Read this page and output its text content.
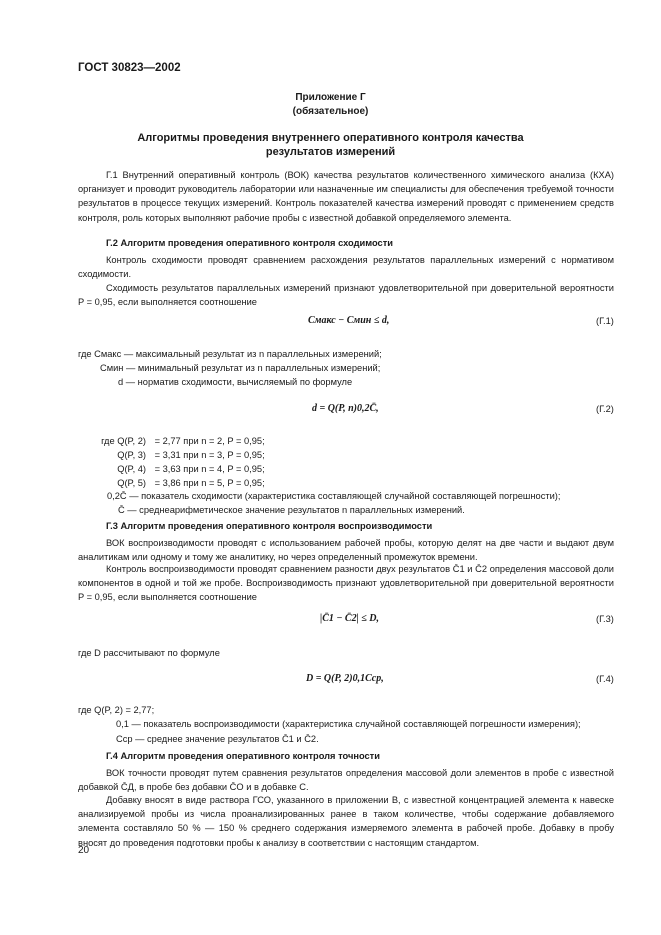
ГОСТ 30823—2002
Приложение Г
(обязательное)
Алгоритмы проведения внутреннего оперативного контроля качества
результатов измерений
Г.1 Внутренний оперативный контроль (ВОК) качества результатов количественного химического анализа (КХА) организует и проводит руководитель лаборатории или назначенные им специалисты для обеспечения требуемой точности результатов в процессе текущих измерений. Контроль показателей качества измерений проводят с применением средств контроля, роль которых выполняют рабочие пробы с известной добавкой определяемого элемента.
Г.2 Алгоритм проведения оперативного контроля сходимости
Контроль сходимости проводят сравнением расхождения результатов параллельных измерений с нормативом сходимости.
Сходимость результатов параллельных измерений признают удовлетворительной при доверительной вероятности P = 0,95, если выполняется соотношение
Cмакс − Cмин ≤ d,	(Г.1)
где Cмакс — максимальный результат из n параллельных измерений;
Cмин — минимальный результат из n параллельных измерений;
d — норматив сходимости, вычисляемый по формуле
d = Q(P, n)0,2C̄,	(Г.2)
где Q(P, 2) = 2,77 при n = 2, P = 0,95;
Q(P, 3) = 3,31 при n = 3, P = 0,95;
Q(P, 4) = 3,63 при n = 4, P = 0,95;
Q(P, 5) = 3,86 при n = 5, P = 0,95;
0,2C̄ — показатель сходимости (характеристика составляющей случайной составляющей погрешности);
C̄ — среднеарифметическое значение результатов n параллельных измерений.
Г.3 Алгоритм проведения оперативного контроля воспроизводимости
ВОК воспроизводимости проводят с использованием рабочей пробы, которую делят на две части и выдают двум аналитикам или одному и тому же аналитику, но через определенный промежуток времени.
Контроль воспроизводимости проводят сравнением разности двух результатов C̄1 и C̄2 определения массовой доли компонентов в одной и той же пробе. Воспроизводимость признают удовлетворительной при доверительной вероятности P = 0,95, если выполняется соотношение
|C̄1 − C̄2| ≤ D,	(Г.3)
где D рассчитывают по формуле
D = Q(P, 2)0,1Cср,	(Г.4)
где Q(P, 2) = 2,77;
0,1 — показатель воспроизводимости (характеристика случайной составляющей погрешности измерения);
Cср — среднее значение результатов C̄1 и C̄2.
Г.4 Алгоритм проведения оперативного контроля точности
ВОК точности проводят путем сравнения результатов определения массовой доли элементов в пробе с известной добавкой C̄Д, в пробе без добавки C̄О и в добавке C.
Добавку вносят в виде раствора ГСО, указанного в приложении В, с известной концентрацией элемента к навеске анализируемой пробы из числа проанализированных ранее в таком количестве, чтобы содержание добавляемого элемента составляло 50 % — 150 % среднего содержания измеряемого элемента в рабочей пробе. Добавку в пробу вносят до проведения подготовки пробы к анализу в соответствии с настоящим стандартом.
20
